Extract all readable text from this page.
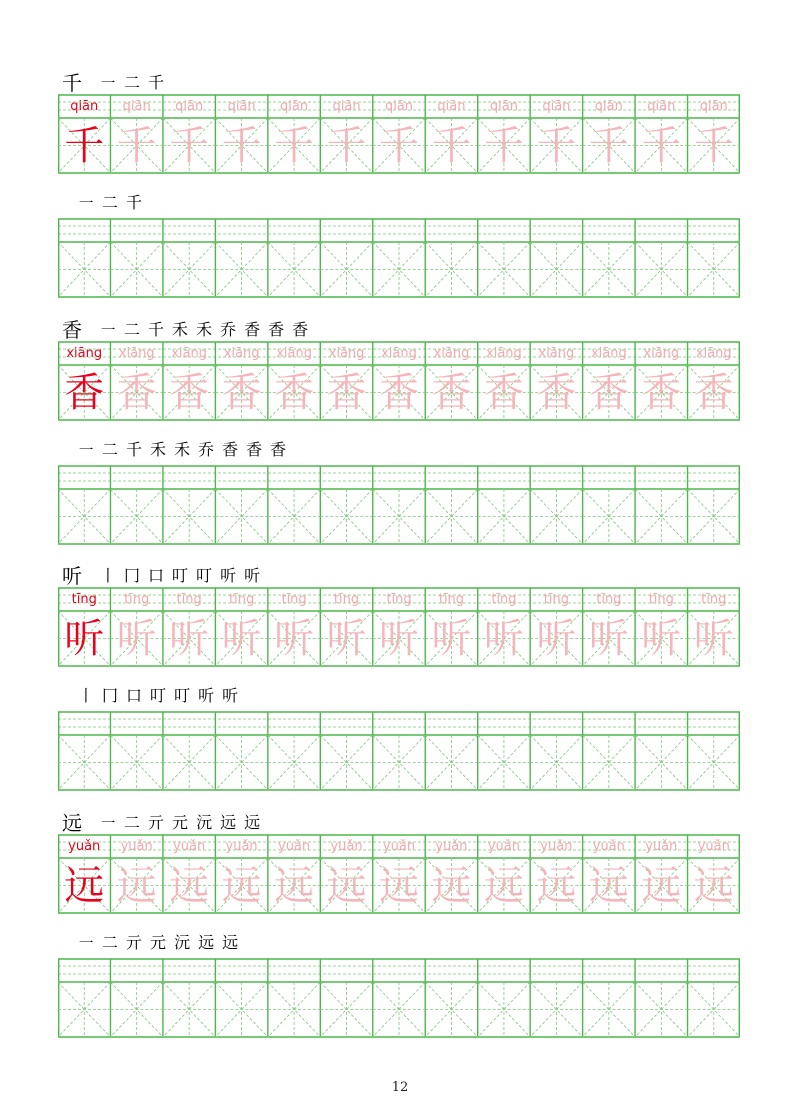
千 ㇐ 二 千
qiān
千
qiān
千
qiān
千
qiān
千
qiān
千
qiān
千
qiān
千
qiān
千
qiān
千
qiān
千
qiān
千
qiān
千
qiān
千
㇐ 二 千
香 ㇐ 二 千 禾 禾 乔 香 香 香
xiāng
香
xiāng
香
xiāng
香
xiāng
香
xiāng
香
xiāng
香
xiāng
香
xiāng
香
xiāng
香
xiāng
香
xiāng
香
xiāng
香
xiāng
香
㇐ 二 千 禾 禾 乔 香 香 香
听 丨 冂 口 叮 叮 听 听
tīng
听
tīng
听
tīng
听
tīng
听
tīng
听
tīng
听
tīng
听
tīng
听
tīng
听
tīng
听
tīng
听
tīng
听
tīng
听
丨 冂 口 叮 叮 听 听
远 ㇐ 二 亓 元 沅 远 远
yuǎn
远
yuǎn
远
yuǎn
远
yuǎn
远
yuǎn
远
yuǎn
远
yuǎn
远
yuǎn
远
yuǎn
远
yuǎn
远
yuǎn
远
yuǎn
远
yuǎn
远
㇐ 二 亓 元 沅 远 远
12
